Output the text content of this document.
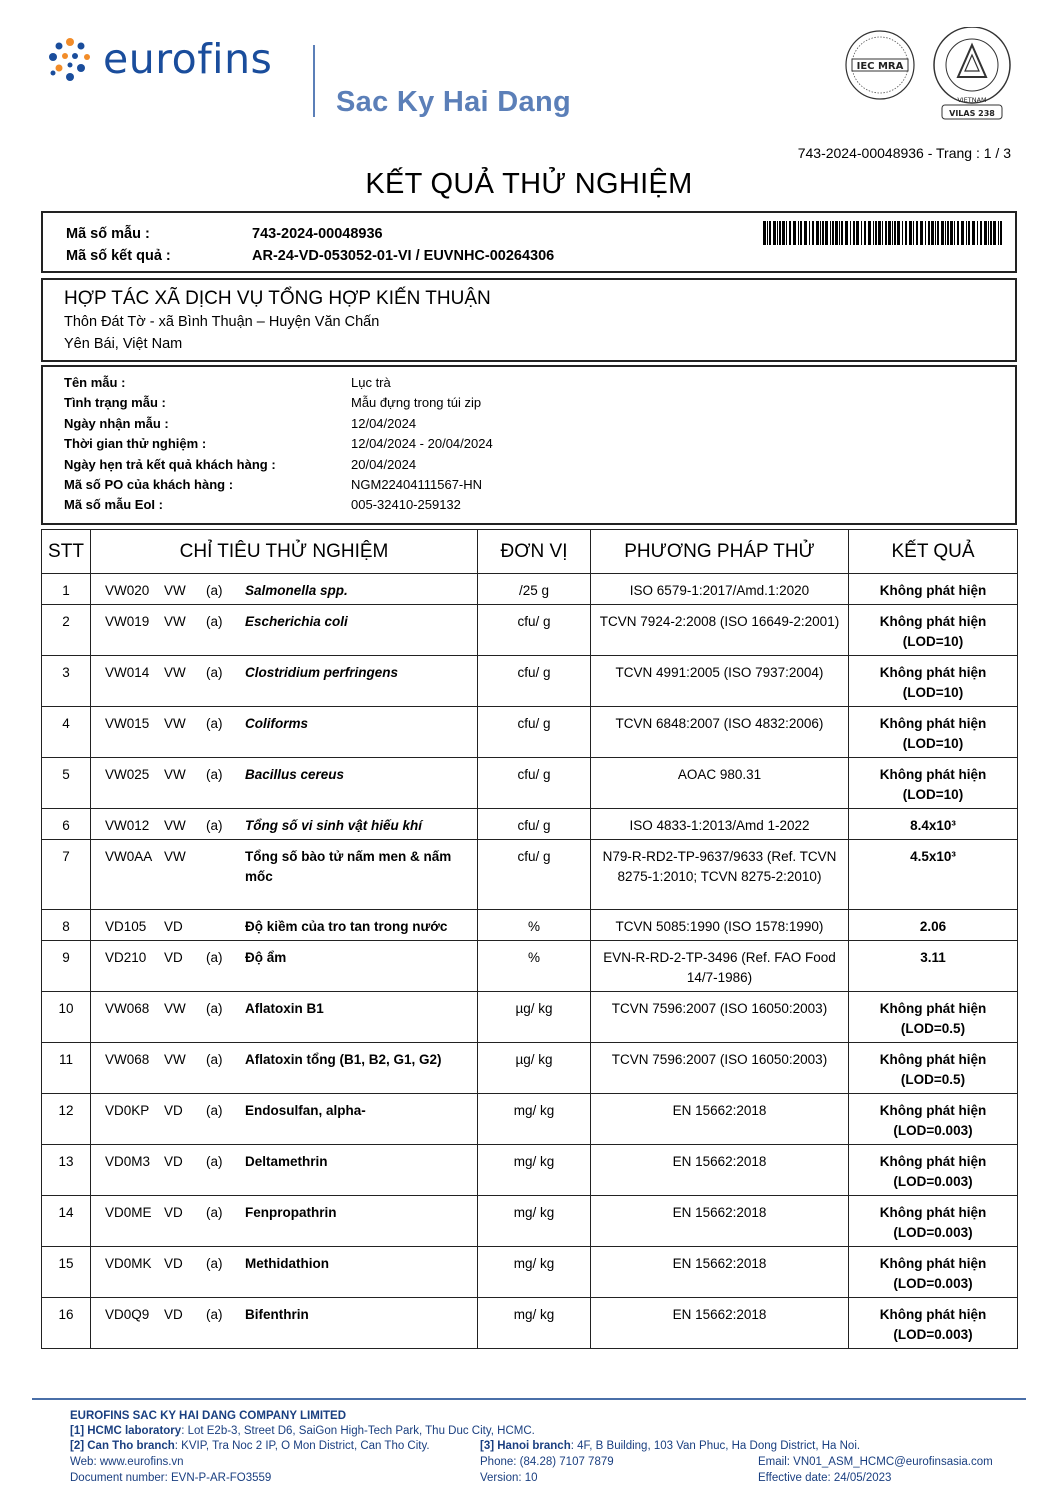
eurofins
Sac Ky Hai Dang
IEC MRA
VIETNAM
VILAS 238
743-2024-00048936 - Trang : 1 / 3
KẾT QUẢ THỬ NGHIỆM
Mã số mẫu :	743-2024-00048936
Mã số kết quả :	AR-24-VD-053052-01-VI / EUVNHC-00264306
HỢP TÁC XÃ DỊCH VỤ TỔNG HỢP KIẾN THUẬN
Thôn Đát Tờ - xã Bình Thuận – Huyện Văn Chấn
Yên Bái, Việt Nam
Tên mẫu :	Lục trà
Tình trạng mẫu :	Mẫu đựng trong túi zip
Ngày nhận mẫu :	12/04/2024
Thời gian thử nghiệm :	12/04/2024 - 20/04/2024
Ngày hẹn trả kết quả khách hàng :	20/04/2024
Mã số PO của khách hàng :	NGM22404111567-HN
Mã số mẫu EoI :	005-32410-259132
STT	CHỈ TIÊU THỬ NGHIỆM	ĐƠN VỊ	PHƯƠNG PHÁP THỬ	KẾT QUẢ
1	VW020 VW (a) Salmonella spp.	/25 g	ISO 6579-1:2017/Amd.1:2020	Không phát hiện
2	VW019 VW (a) Escherichia coli	cfu/ g	TCVN 7924-2:2008 (ISO 16649-2:2001)	Không phát hiện (LOD=10)
3	VW014 VW (a) Clostridium perfringens	cfu/ g	TCVN 4991:2005 (ISO 7937:2004)	Không phát hiện (LOD=10)
4	VW015 VW (a) Coliforms	cfu/ g	TCVN 6848:2007 (ISO 4832:2006)	Không phát hiện (LOD=10)
5	VW025 VW (a) Bacillus cereus	cfu/ g	AOAC 980.31	Không phát hiện (LOD=10)
6	VW012 VW (a) Tổng số vi sinh vật hiếu khí	cfu/ g	ISO 4833-1:2013/Amd 1-2022	8.4x10³
7	VW0AA VW Tổng số bào tử nấm men & nấm mốc	cfu/ g	N79-R-RD2-TP-9637/9633 (Ref. TCVN 8275-1:2010; TCVN 8275-2:2010)	4.5x10³
8	VD105 VD Độ kiềm của tro tan trong nước	%	TCVN 5085:1990 (ISO 1578:1990)	2.06
9	VD210 VD (a) Độ ẩm	%	EVN-R-RD-2-TP-3496 (Ref. FAO Food 14/7-1986)	3.11
10	VW068 VW (a) Aflatoxin B1	µg/ kg	TCVN 7596:2007 (ISO 16050:2003)	Không phát hiện (LOD=0.5)
11	VW068 VW (a) Aflatoxin tổng (B1, B2, G1, G2)	µg/ kg	TCVN 7596:2007 (ISO 16050:2003)	Không phát hiện (LOD=0.5)
12	VD0KP VD (a) Endosulfan, alpha-	mg/ kg	EN 15662:2018	Không phát hiện (LOD=0.003)
13	VD0M3 VD (a) Deltamethrin	mg/ kg	EN 15662:2018	Không phát hiện (LOD=0.003)
14	VD0ME VD (a) Fenpropathrin	mg/ kg	EN 15662:2018	Không phát hiện (LOD=0.003)
15	VD0MK VD (a) Methidathion	mg/ kg	EN 15662:2018	Không phát hiện (LOD=0.003)
16	VD0Q9 VD (a) Bifenthrin	mg/ kg	EN 15662:2018	Không phát hiện (LOD=0.003)
EUROFINS SAC KY HAI DANG COMPANY LIMITED
[1] HCMC laboratory: Lot E2b-3, Street D6, SaiGon High-Tech Park, Thu Duc City, HCMC.
[2] Can Tho branch: KVIP, Tra Noc 2 IP, O Mon District, Can Tho City.	[3] Hanoi branch: 4F, B Building, 103 Van Phuc, Ha Dong District, Ha Noi.
Web: www.eurofins.vn	Phone: (84.28) 7107 7879	Email: VN01_ASM_HCMC@eurofinsasia.com
Document number: EVN-P-AR-FO3559	Version: 10	Effective date: 24/05/2023
